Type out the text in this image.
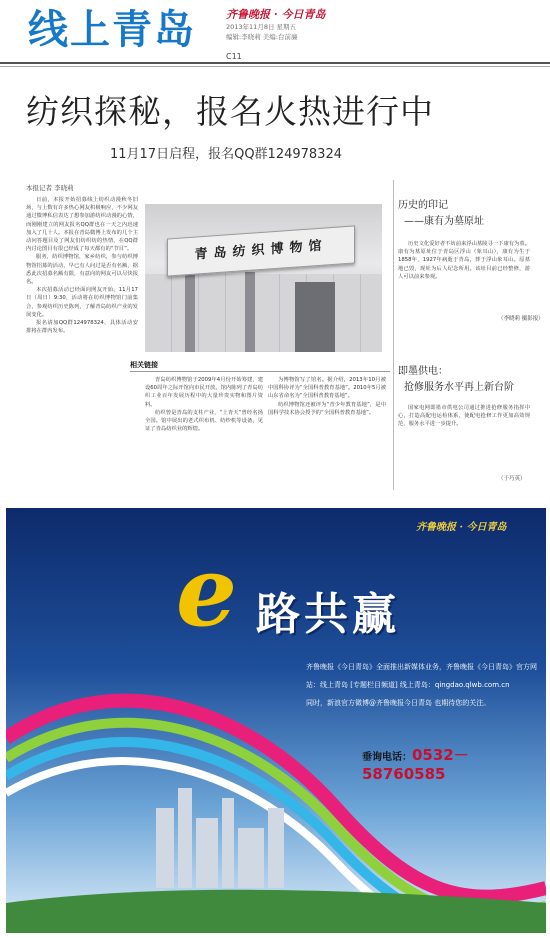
线上青岛	齐鲁晚报 · 今日青岛
2013年11月8日 星期五
编辑:李晓莉 美编:台前廉
C11
纺织探秘，报名火热进行中
11月17日启程，报名QQ群124978324
本报记者 李晓莉

日前，本报开始招募线上纺织动漫秋冬旧场，与上数有许多热心网友积极响应，不少网友通过微博私信表达了想参加游纺织动漫的心情，而刚刚建立的网友报名QQ群也在一天之内迅速加入了几十人。本报在青岛微博上发布的几个主动问答题目及了网友们纺织纺的热情，在QQ群内讨论图目有很已经成了每天都有的“节目”。

服务，纺织博物馆，家乡纺织，参与纺织博物馆招募的活动，早已有人问过是否有名额，据悉此次招募名额有限，有意向的网友可以尽快报名。

本次招募活动已经面向网友开始，11月17日（周日）9:30，活动将在纺织博物馆门前集合，参观纺织历史陈列，了解青岛纺织产业的发展变化。

报名请加QQ群124978324，具体活动安排将在群内发布。

青岛纺织博物馆
相关链接

青岛纺织博物馆于2009年4月份开始筹建，建设60周年之际开馆向市民开放。馆内陈列了青岛纺织工业百年发展历程中的大量珍贵实物和图片资料。

纺织曾是青岛的支柱产业，“上青天”曾经名扬全国。馆中展出的老式织布机、纺纱机等设备，见证了青岛纺织业的辉煌。

为博物馆写了馆名。据介绍，2013年10月被中国科协评为“全国科普教育基地”。2010年5月被山东省命名为“全国科普教育基地”。

纺织博物馆还被评为“青少年教育基地”，是中国科学技术协会授予的“全国科普教育基地”。

历史的印记
——康有为墓原址

历史文化爱好者不妨前来浮山墓陵寻一下康有为墓。康有为墓原址位于青岛区浮山（象耳山），康有为生于1858年，1927年病逝于青岛，葬于浮山象耳山。原墓地已毁，现址为后人纪念所用。该址目前已经整修，游人可以前来参观。

（李晓莉 摄影报）
即墨供电：
抢修服务水平再上新台阶

国家电网即墨市供电公司通过推进抢修服务指挥中心，打造高配电运检体系，使配电抢修工作更加高效规范，服务水平进一步提升。

（于巧英）
齐鲁晚报 · 今日青岛
e 路共赢
齐鲁晚报《今日青岛》全面推出新媒体业务，齐鲁晚报《今日青岛》官方网
站：线上青岛 [专题栏目频道] 线上青岛：qingdao.qlwb.com.cn
同时，新浪官方微博@齐鲁晚报今日青岛 也期待您的关注。
垂询电话：0532－58760585
